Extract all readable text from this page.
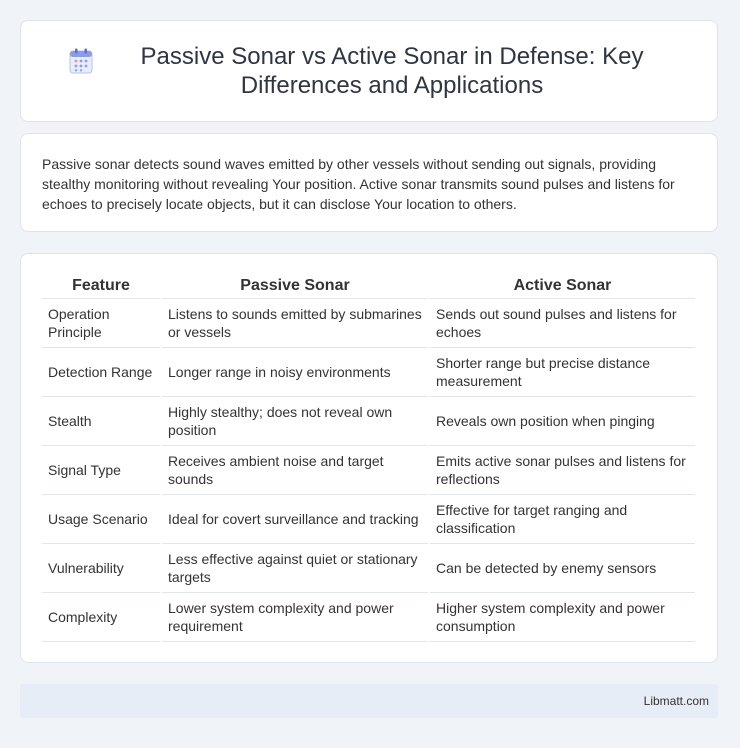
Passive Sonar vs Active Sonar in Defense: Key Differences and Applications

Passive sonar detects sound waves emitted by other vessels without sending out signals, providing stealthy monitoring without revealing Your position. Active sonar transmits sound pulses and listens for echoes to precisely locate objects, but it can disclose Your location to others.

Feature	Passive Sonar	Active Sonar
Operation Principle	Listens to sounds emitted by submarines or vessels	Sends out sound pulses and listens for echoes
Detection Range	Longer range in noisy environments	Shorter range but precise distance measurement
Stealth	Highly stealthy; does not reveal own position	Reveals own position when pinging
Signal Type	Receives ambient noise and target sounds	Emits active sonar pulses and listens for reflections
Usage Scenario	Ideal for covert surveillance and tracking	Effective for target ranging and classification
Vulnerability	Less effective against quiet or stationary targets	Can be detected by enemy sensors
Complexity	Lower system complexity and power requirement	Higher system complexity and power consumption
Libmatt.com
